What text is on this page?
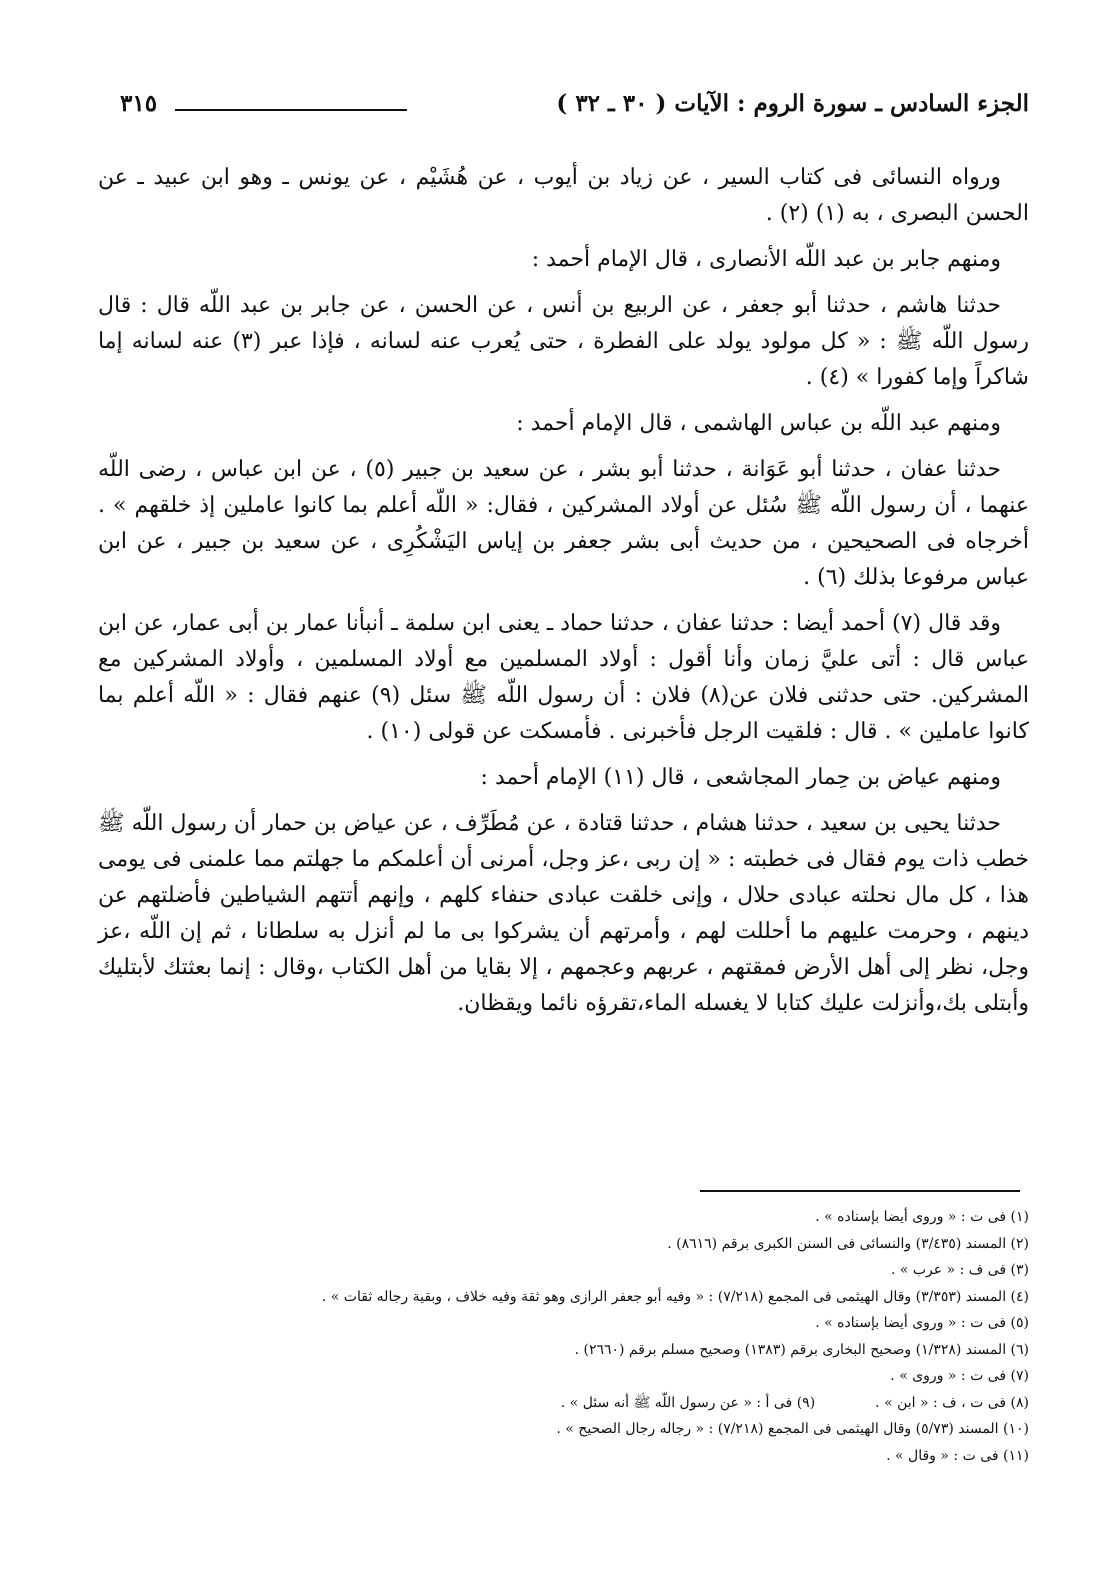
الجزء السادس ـ سورة الروم : الآيات ( ٣٠ ـ ٣٢ )
٣١٥

ورواه النسائى فى كتاب السير ، عن زياد بن أيوب ، عن هُشَيْم ، عن يونس ـ وهو ابن عبيد ـ عن الحسن البصرى ، به (١) (٢) .

ومنهم جابر بن عبد اللّه الأنصارى ، قال الإمام أحمد :

حدثنا هاشم ، حدثنا أبو جعفر ، عن الربيع بن أنس ، عن الحسن ، عن جابر بن عبد اللّه قال : قال رسول اللّه ﷺ : « كل مولود يولد على الفطرة ، حتى يُعرب عنه لسانه ، فإذا عبر (٣) عنه لسانه إما شاكراً وإما كفورا » (٤) .

ومنهم عبد اللّه بن عباس الهاشمى ، قال الإمام أحمد :

حدثنا عفان ، حدثنا أبو عَوَانة ، حدثنا أبو بشر ، عن سعيد بن جبير (٥) ، عن ابن عباس ، رضى اللّه عنهما ، أن رسول اللّه ﷺ سُئل عن أولاد المشركين ، فقال: « اللّه أعلم بما كانوا عاملين إذ خلقهم » . أخرجاه فى الصحيحين ، من حديث أبى بشر جعفر بن إياس اليَشْكُرِى ، عن سعيد بن جبير ، عن ابن عباس مرفوعا بذلك (٦) .

وقد قال (٧) أحمد أيضا : حدثنا عفان ، حدثنا حماد ـ يعنى ابن سلمة ـ أنبأنا عمار بن أبى عمار، عن ابن عباس قال : أتى عليَّ زمان وأنا أقول : أولاد المسلمين مع أولاد المسلمين ، وأولاد المشركين مع المشركين. حتى حدثنى فلان عن(٨) فلان : أن رسول اللّه ﷺ سئل (٩) عنهم فقال : « اللّه أعلم بما كانوا عاملين » . قال : فلقيت الرجل فأخبرنى . فأمسكت عن قولى (١٠) .

ومنهم عياض بن حِمار المجاشعى ، قال (١١) الإمام أحمد :

حدثنا يحيى بن سعيد ، حدثنا هشام ، حدثنا قتادة ، عن مُطَرِّف ، عن عياض بن حمار أن رسول اللّه ﷺ خطب ذات يوم فقال فى خطبته : « إن ربى ،عز وجل، أمرنى أن أعلمكم ما جهلتم مما علمنى فى يومى هذا ، كل مال نحلته عبادى حلال ، وإنى خلقت عبادى حنفاء كلهم ، وإنهم أتتهم الشياطين فأضلتهم عن دينهم ، وحرمت عليهم ما أحللت لهم ، وأمرتهم أن يشركوا بى ما لم أنزل به سلطانا ، ثم إن اللّه ،عز وجل، نظر إلى أهل الأرض فمقتهم ، عربهم وعجمهم ، إلا بقايا من أهل الكتاب ،وقال : إنما بعثتك لأبتليك وأبتلى بك،وأنزلت عليك كتابا لا يغسله الماء،تقرؤه نائما ويقظان.

(١) فى ت : « وروى أيضا بإسناده » .

(٢) المسند (٣/٤٣٥) والنسائى فى السنن الكبرى برقم (٨٦١٦) .

(٣) فى ف : « عرب » .

(٤) المسند (٣/٣٥٣) وقال الهيثمى فى المجمع (٧/٢١٨) : « وفيه أبو جعفر الرازى وهو ثقة وفيه خلاف ، وبقية رجاله ثقات » .

(٥) فى ت : « وروى أيضا بإسناده » .

(٦) المسند (١/٣٢٨) وصحيح البخارى برقم (١٣٨٣) وصحيح مسلم برقم (٢٦٦٠) .

(٧) فى ت : « وروى » .

(٨) فى ت ، ف : « ابن » .
(٩) فى أ : « عن رسول اللّه ﷺ أنه سئل » .

(١٠) المسند (٥/٧٣) وقال الهيثمى فى المجمع (٧/٢١٨) : « رجاله رجال الصحيح » .

(١١) فى ت : « وقال » .
